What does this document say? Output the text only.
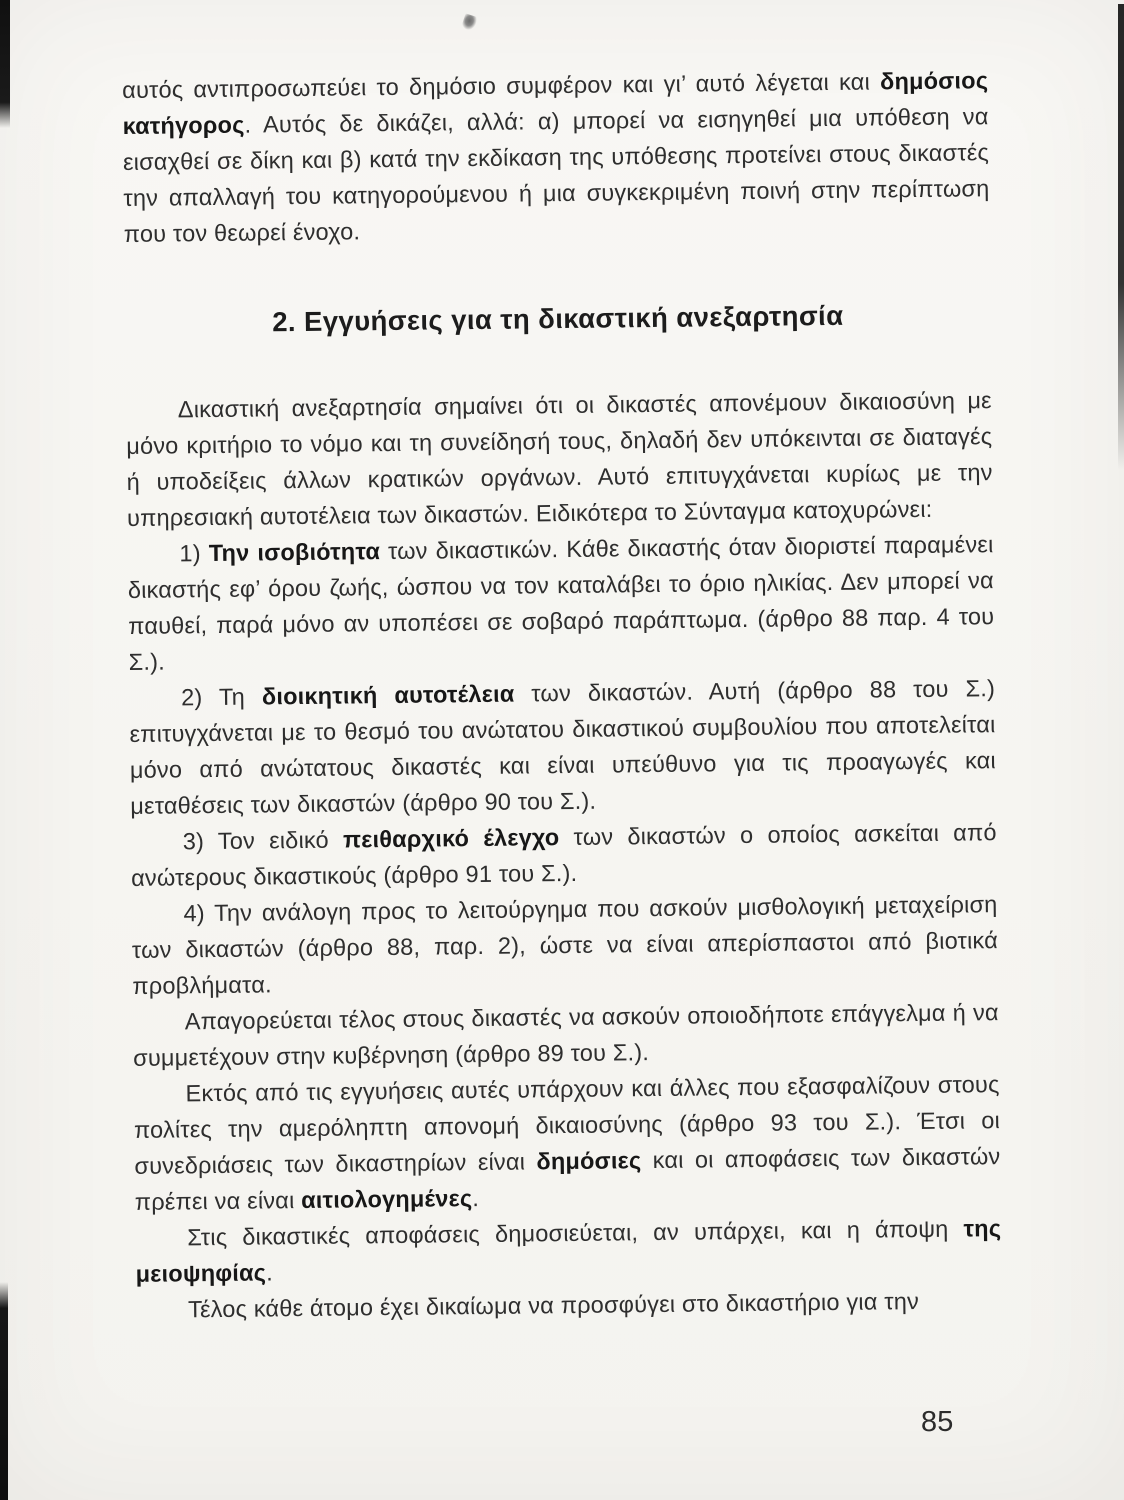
αυτός αντιπροσωπεύει το δημόσιο συμφέρον και γι’ αυτό λέγεται και δημόσιος κατήγορος. Αυτός δε δικάζει, αλλά: α) μπορεί να εισηγηθεί μια υπόθεση να εισαχθεί σε δίκη και β) κατά την εκδίκαση της υπόθεσης προτείνει στους δικαστές την απαλλαγή του κατηγορούμενου ή μια συγκεκριμένη ποινή στην περίπτωση που τον θεωρεί ένοχο.

2. Εγγυήσεις για τη δικαστική ανεξαρτησία

Δικαστική ανεξαρτησία σημαίνει ότι οι δικαστές απονέμουν δικαιοσύνη με μόνο κριτήριο το νόμο και τη συνείδησή τους, δηλαδή δεν υπόκεινται σε διαταγές ή υποδείξεις άλλων κρατικών οργάνων. Αυτό επιτυγχάνεται κυρίως με την υπηρεσιακή αυτοτέλεια των δικαστών. Ειδικότερα το Σύνταγμα κατοχυρώνει:

1) Την ισοβιότητα των δικαστικών. Κάθε δικαστής όταν διοριστεί παραμένει δικαστής εφ’ όρου ζωής, ώσπου να τον καταλάβει το όριο ηλικίας. Δεν μπορεί να παυθεί, παρά μόνο αν υποπέσει σε σοβαρό παράπτωμα. (άρθρο 88 παρ. 4 του Σ.).

2) Τη διοικητική αυτοτέλεια των δικαστών. Αυτή (άρθρο 88 του Σ.) επιτυγχάνεται με το θεσμό του ανώτατου δικαστικού συμβουλίου που αποτελείται μόνο από ανώτατους δικαστές και είναι υπεύθυνο για τις προαγωγές και μεταθέσεις των δικαστών (άρθρο 90 του Σ.).

3) Τον ειδικό πειθαρχικό έλεγχο των δικαστών ο οποίος ασκείται από ανώτερους δικαστικούς (άρθρο 91 του Σ.).

4) Την ανάλογη προς το λειτούργημα που ασκούν μισθολογική μεταχείριση των δικαστών (άρθρο 88, παρ. 2), ώστε να είναι απερίσπαστοι από βιοτικά προβλήματα.

Απαγορεύεται τέλος στους δικαστές να ασκούν οποιοδήποτε επάγγελμα ή να συμμετέχουν στην κυβέρνηση (άρθρο 89 του Σ.).

Εκτός από τις εγγυήσεις αυτές υπάρχουν και άλλες που εξασφαλίζουν στους πολίτες την αμερόληπτη απονομή δικαιοσύνης (άρθρο 93 του Σ.). Έτσι οι συνεδριάσεις των δικαστηρίων είναι δημόσιες και οι αποφάσεις των δικαστών πρέπει να είναι αιτιολογημένες.

Στις δικαστικές αποφάσεις δημοσιεύεται, αν υπάρχει, και η άποψη της μειοψηφίας.

Τέλος κάθε άτομο έχει δικαίωμα να προσφύγει στο δικαστήριο για την

85
